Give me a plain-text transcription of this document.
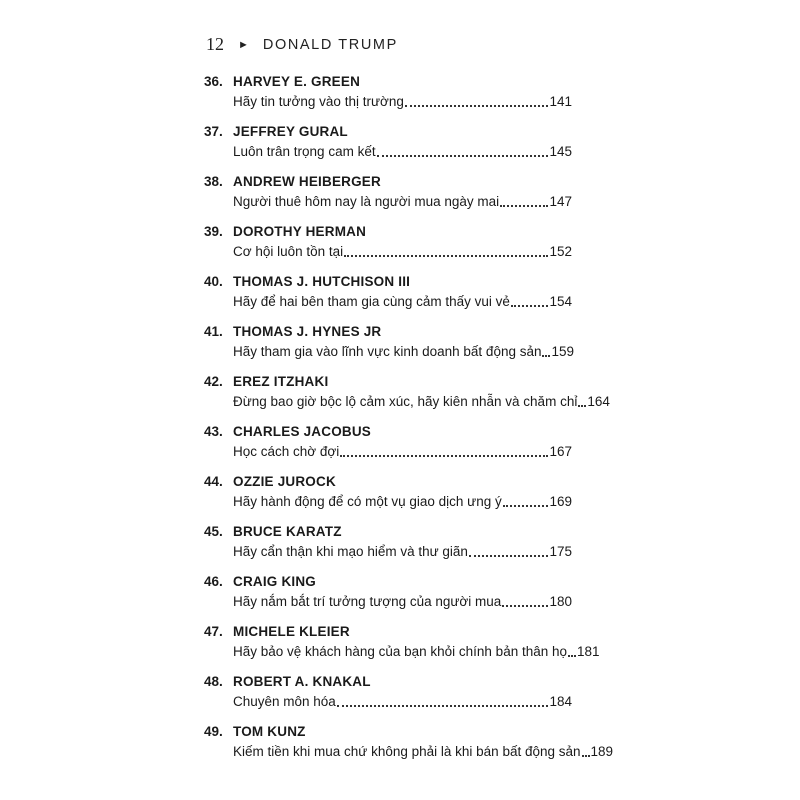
12 ► DONALD TRUMP
36. HARVEY E. GREEN
Hãy tin tưởng vào thị trường	141
37. JEFFREY GURAL
Luôn trân trọng cam kết	145
38. ANDREW HEIBERGER
Người thuê hôm nay là người mua ngày mai	147
39. DOROTHY HERMAN
Cơ hội luôn tồn tại	152
40. THOMAS J. HUTCHISON III
Hãy để hai bên tham gia cùng cảm thấy vui vẻ	154
41. THOMAS J. HYNES JR
Hãy tham gia vào lĩnh vực kinh doanh bất động sản 159
42. EREZ ITZHAKI
Đừng bao giờ bộc lộ cảm xúc, hãy kiên nhẫn và chăm chỉ 164
43. CHARLES JACOBUS
Học cách chờ đợi	167
44. OZZIE JUROCK
Hãy hành động để có một vụ giao dịch ưng ý	169
45. BRUCE KARATZ
Hãy cẩn thận khi mạo hiểm và thư giãn	175
46. CRAIG KING
Hãy nắm bắt trí tưởng tượng của người mua	180
47. MICHELE KLEIER
Hãy bảo vệ khách hàng của bạn khỏi chính bản thân họ 181
48. ROBERT A. KNAKAL
Chuyên môn hóa	184
49. TOM KUNZ
Kiếm tiền khi mua chứ không phải là khi bán bất động sản 189
